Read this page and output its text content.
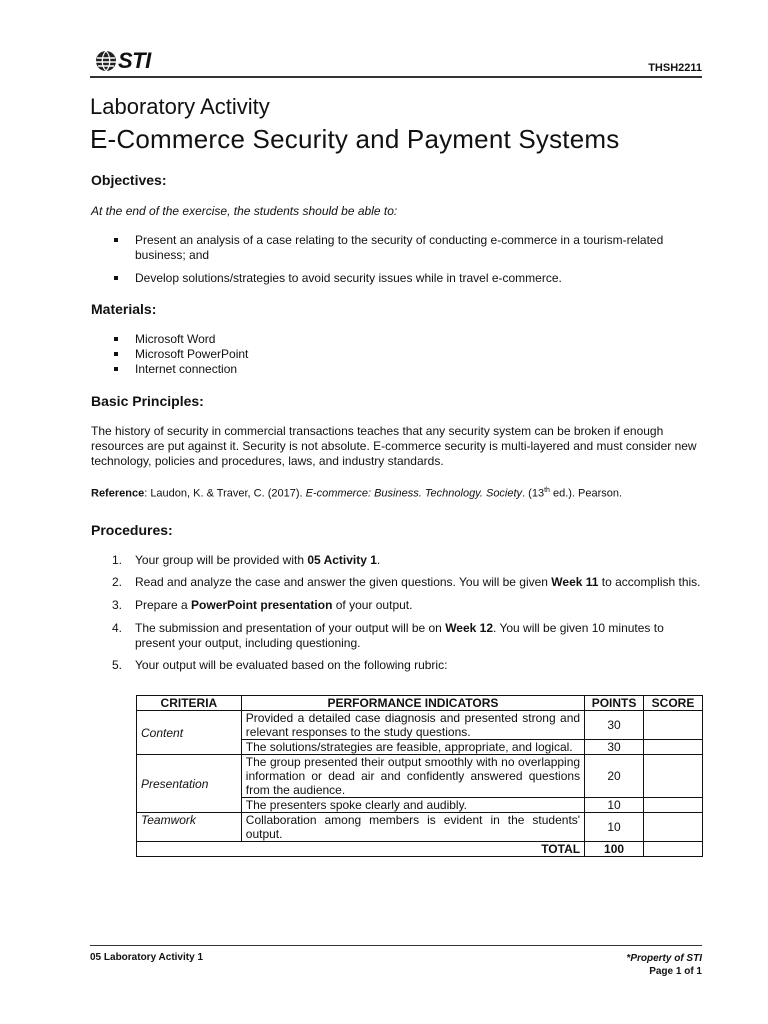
STI	THSH2211
Laboratory Activity
E-Commerce Security and Payment Systems
Objectives:
At the end of the exercise, the students should be able to:
Present an analysis of a case relating to the security of conducting e-commerce in a tourism-related business; and
Develop solutions/strategies to avoid security issues while in travel e-commerce.
Materials:
Microsoft Word
Microsoft PowerPoint
Internet connection
Basic Principles:
The history of security in commercial transactions teaches that any security system can be broken if enough resources are put against it. Security is not absolute. E-commerce security is multi-layered and must consider new technology, policies and procedures, laws, and industry standards.
Reference: Laudon, K. & Traver, C. (2017). E-commerce: Business. Technology. Society. (13th ed.). Pearson.
Procedures:
1. Your group will be provided with 05 Activity 1.
2. Read and analyze the case and answer the given questions. You will be given Week 11 to accomplish this.
3. Prepare a PowerPoint presentation of your output.
4. The submission and presentation of your output will be on Week 12. You will be given 10 minutes to present your output, including questioning.
5. Your output will be evaluated based on the following rubric:
CRITERIA	PERFORMANCE INDICATORS	POINTS	SCORE
Content	Provided a detailed case diagnosis and presented strong and relevant responses to the study questions.	30	
	The solutions/strategies are feasible, appropriate, and logical.	30	
Presentation	The group presented their output smoothly with no overlapping information or dead air and confidently answered questions from the audience.	20	
	The presenters spoke clearly and audibly.	10	
Teamwork	Collaboration among members is evident in the students' output.	10	
TOTAL		100	
05 Laboratory Activity 1	*Property of STI
Page 1 of 1
